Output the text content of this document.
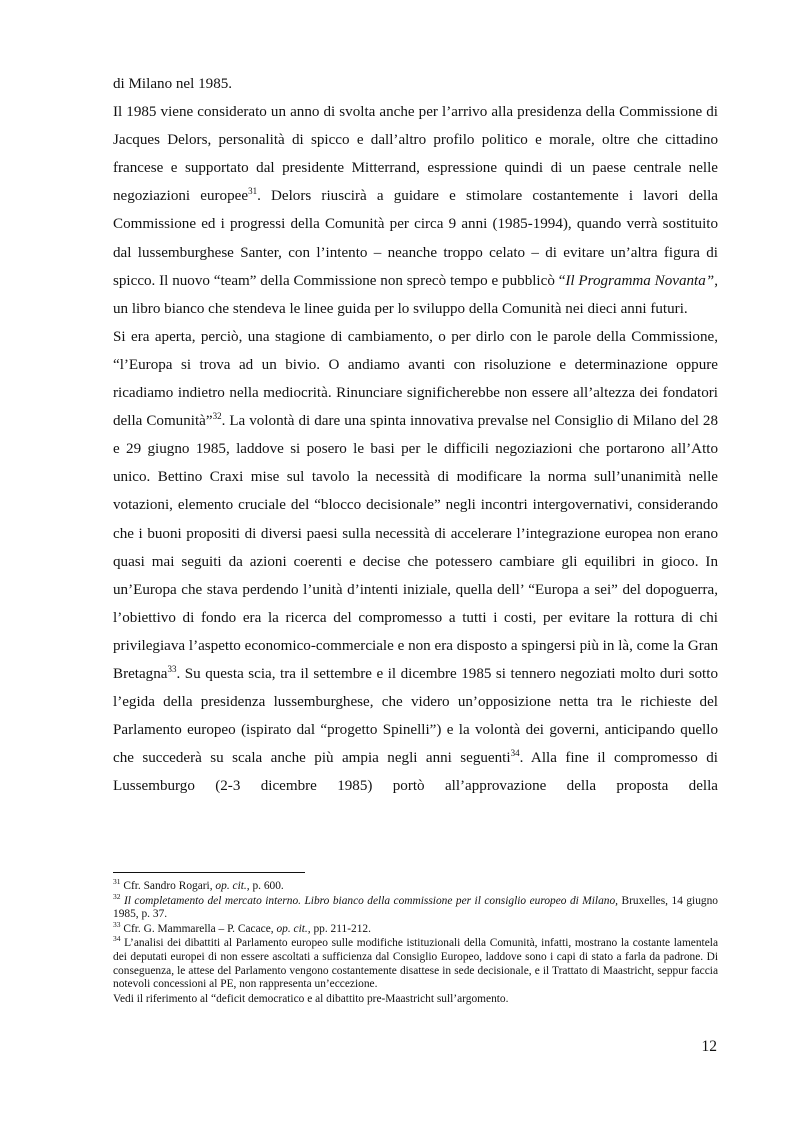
di Milano nel 1985.

Il 1985 viene considerato un anno di svolta anche per l’arrivo alla presidenza della Commissione di Jacques Delors, personalità di spicco e dall’altro profilo politico e morale, oltre che cittadino francese e supportato dal presidente Mitterrand, espressione quindi di un paese centrale nelle negoziazioni europee$^{31}$. Delors riuscirà a guidare e stimolare costantemente i lavori della Commissione ed i progressi della Comunità per circa 9 anni (1985-1994), quando verrà sostituito dal lussemburghese Santer, con l’intento – neanche troppo celato – di evitare un’altra figura di spicco. Il nuovo “team” della Commissione non sprecò tempo e pubblicò “Il Programma Novanta”, un libro bianco che stendeva le linee guida per lo sviluppo della Comunità nei dieci anni futuri.

Si era aperta, perciò, una stagione di cambiamento, o per dirlo con le parole della Commissione, “l’Europa si trova ad un bivio. O andiamo avanti con risoluzione e determinazione oppure ricadiamo indietro nella mediocrità. Rinunciare significherebbe non essere all’altezza dei fondatori della Comunità”$^{32}$. La volontà di dare una spinta innovativa prevalse nel Consiglio di Milano del 28 e 29 giugno 1985, laddove si posero le basi per le difficili negoziazioni che portarono all’Atto unico. Bettino Craxi mise sul tavolo la necessità di modificare la norma sull’unanimità nelle votazioni, elemento cruciale del “blocco decisionale” negli incontri intergovernativi, considerando che i buoni propositi di diversi paesi sulla necessità di accelerare l’integrazione europea non erano quasi mai seguiti da azioni coerenti e decise che potessero cambiare gli equilibri in gioco. In un’Europa che stava perdendo l’unità d’intenti iniziale, quella dell’ “Europa a sei” del dopoguerra, l’obiettivo di fondo era la ricerca del compromesso a tutti i costi, per evitare la rottura di chi privilegiava l’aspetto economico-commerciale e non era disposto a spingersi più in là, come la Gran Bretagna$^{33}$. Su questa scia, tra il settembre e il dicembre 1985 si tennero negoziati molto duri sotto l’egida della presidenza lussemburghese, che videro un’opposizione netta tra le richieste del Parlamento europeo (ispirato dal “progetto Spinelli”) e la volontà dei governi, anticipando quello che succederà su scala anche più ampia negli anni seguenti$^{34}$. Alla fine il compromesso di Lussemburgo (2-3 dicembre 1985) portò all’approvazione della proposta della

$^{31}$ Cfr. Sandro Rogari, op. cit., p. 600.

$^{32}$ Il completamento del mercato interno. Libro bianco della commissione per il consiglio europeo di Milano, Bruxelles, 14 giugno 1985, p. 37.

$^{33}$ Cfr. G. Mammarella – P. Cacace, op. cit., pp. 211-212.

$^{34}$ L’analisi dei dibattiti al Parlamento europeo sulle modifiche istituzionali della Comunità, infatti, mostrano la costante lamentela dei deputati europei di non essere ascoltati a sufficienza dal Consiglio Europeo, laddove sono i capi di stato a farla da padrone. Di conseguenza, le attese del Parlamento vengono costantemente disattese in sede decisionale, e il Trattato di Maastricht, seppur faccia notevoli concessioni al PE, non rappresenta un’eccezione.

Vedi il riferimento al “deficit democratico e al dibattito pre-Maastricht sull’argomento.

12
